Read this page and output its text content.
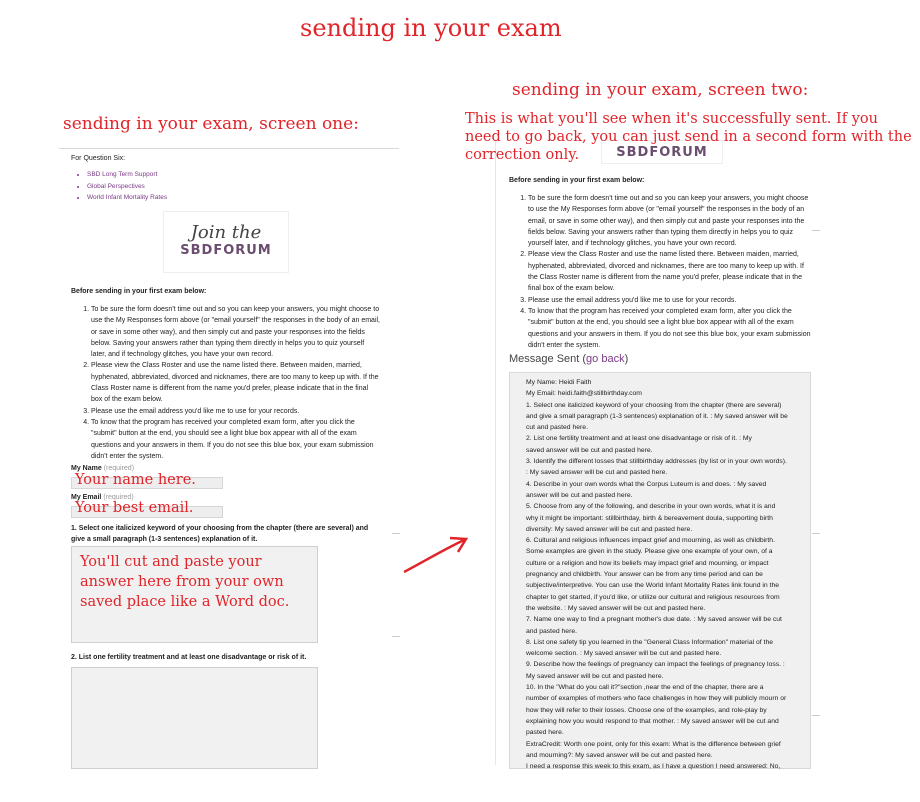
sending in your exam
sending in your exam, screen one:
sending in your exam, screen two:
For Question Six:
• SBD Long Term Support
• Global Perspectives
• World Infant Mortality Rates
Join the
SBDFORUM
Before sending in your first exam below:
1. To be sure the form doesn't time out and so you can keep your answers, you might choose to use the My Responses form above (or "email yourself" the responses in the body of an email, or save in some other way), and then simply cut and paste your responses into the fields below. Saving your answers rather than typing them directly in helps you to quiz yourself later, and if technology glitches, you have your own record.
2. Please view the Class Roster and use the name listed there. Between maiden, married, hyphenated, abbreviated, divorced and nicknames, there are too many to keep up with. If the Class Roster name is different from the name you'd prefer, please indicate that in the final box of the exam below.
3. Please use the email address you'd like me to use for your records.
4. To know that the program has received your completed exam form, after you click the "submit" button at the end, you should see a light blue box appear with all of the exam questions and your answers in them. If you do not see this blue box, your exam submission didn't enter the system.
My Name (required)
My Email (required)
1. Select one italicized keyword of your choosing from the chapter (there are several) and give a small paragraph (1-3 sentences) explanation of it.
2. List one fertility treatment and at least one disadvantage or risk of it.
Your name here.
Your best email.
You'll cut and paste your
answer here from your own
saved place like a Word doc.
SBDFORUM
Before sending in your first exam below:
1. To be sure the form doesn't time out and so you can keep your answers, you might choose to use the My Responses form above (or "email yourself" the responses in the body of an email, or save in some other way), and then simply cut and paste your responses into the fields below. Saving your answers rather than typing them directly in helps you to quiz yourself later, and if technology glitches, you have your own record.
2. Please view the Class Roster and use the name listed there. Between maiden, married, hyphenated, abbreviated, divorced and nicknames, there are too many to keep up with. If the Class Roster name is different from the name you'd prefer, please indicate that in the final box of the exam below.
3. Please use the email address you'd like me to use for your records.
4. To know that the program has received your completed exam form, after you click the "submit" button at the end, you should see a light blue box appear with all of the exam questions and your answers in them. If you do not see this blue box, your exam submission didn't enter the system.
Message Sent (go back)
My Name: Heidi Faith
My Email: heidi.faith@stillbirthday.com
1. Select one italicized keyword of your choosing from the chapter (there are several)
and give a small paragraph (1-3 sentences) explanation of it. : My saved answer will be
cut and pasted here.
2. List one fertility treatment and at least one disadvantage or risk of it. : My
saved answer will be cut and pasted here.
3. Identify the different losses that stillbirthday addresses (by list or in your own words).
: My saved answer will be cut and pasted here.
4. Describe in your own words what the Corpus Luteum is and does. : My saved
answer will be cut and pasted here.
5. Choose from any of the following, and describe in your own words, what it is and
why it might be important: stillbirthday, birth & bereavement doula, supporting birth
diversity: My saved answer will be cut and pasted here.
6. Cultural and religious influences impact grief and mourning, as well as childbirth.
Some examples are given in the study. Please give one example of your own, of a
culture or a religion and how its beliefs may impact grief and mourning, or impact
pregnancy and childbirth. Your answer can be from any time period and can be
subjective/interpretive. You can use the World Infant Mortality Rates link found in the
chapter to get started, if you'd like, or utilize our cultural and religious resources from
the website. : My saved answer will be cut and pasted here.
7. Name one way to find a pregnant mother's due date. : My saved answer will be cut
and pasted here.
8. List one safety tip you learned in the "General Class Information" material of the
welcome section. : My saved answer will be cut and pasted here.
9. Describe how the feelings of pregnancy can impact the feelings of pregnancy loss. :
My saved answer will be cut and pasted here.
10. In the "What do you call it?"section ,near the end of the chapter, there are a
number of examples of mothers who face challenges in how they will publicly mourn or
how they will refer to their losses. Choose one of the examples, and role-play by
explaining how you would respond to that mother. : My saved answer will be cut and
pasted here.
ExtraCredit: Worth one point, only for this exam: What is the difference between grief
and mourning?: My saved answer will be cut and pasted here.
I need a response this week to this exam, as I have a question I need answered: No,
This is what you'll see when it's successfully sent. If you need to go back, you can just send in a second form with the correction only.
